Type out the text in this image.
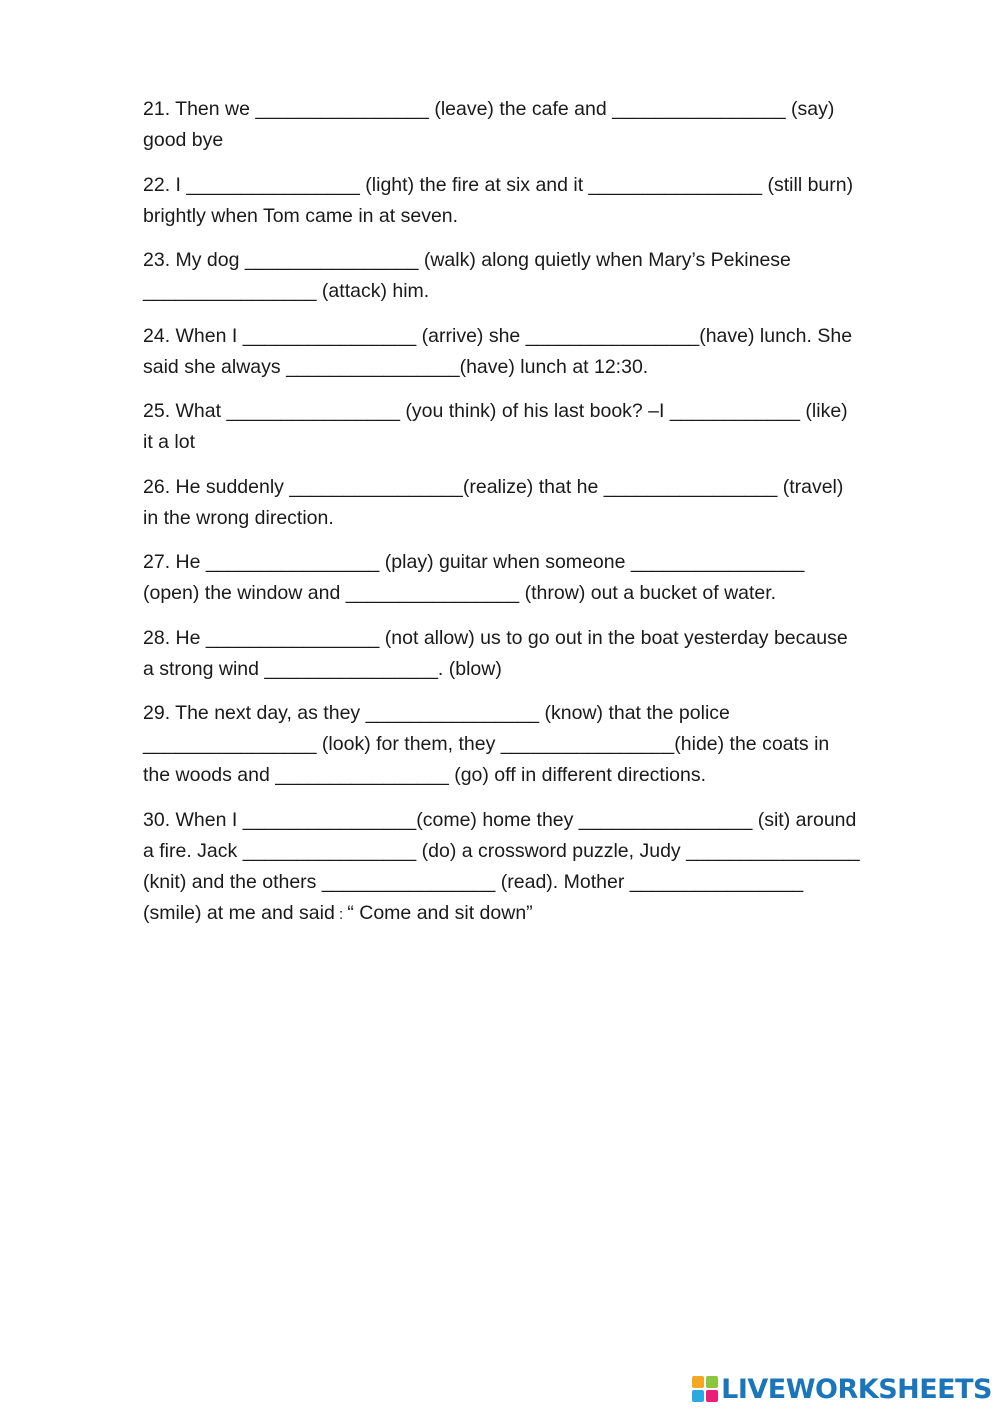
21. Then we ________________ (leave) the cafe and ________________ (say)
good bye
22. I ________________ (light) the fire at six and it ________________ (still burn)
brightly when Tom came in at seven.
23. My dog ________________ (walk) along quietly when Mary’s Pekinese
________________ (attack) him.
24. When I ________________ (arrive) she ________________(have) lunch. She
said she always ________________(have) lunch at 12:30.
25. What ________________ (you think) of his last book? –I ____________ (like)
it a lot
26. He suddenly ________________(realize) that he ________________ (travel)
in the wrong direction.
27. He ________________ (play) guitar when someone ________________
(open) the window and ________________ (throw) out a bucket of water.
28. He ________________ (not allow) us to go out in the boat yesterday because
a strong wind ________________. (blow)
29. The next day, as they ________________ (know) that the police
________________ (look) for them, they ________________(hide) the coats in
the woods and ________________ (go) off in different directions.
30. When I ________________(come) home they ________________ (sit) around
a fire. Jack ________________ (do) a crossword puzzle, Judy ________________
(knit) and the others ________________ (read). Mother ________________
(smile) at me and said : “ Come and sit down”
LIVEWORKSHEETS
